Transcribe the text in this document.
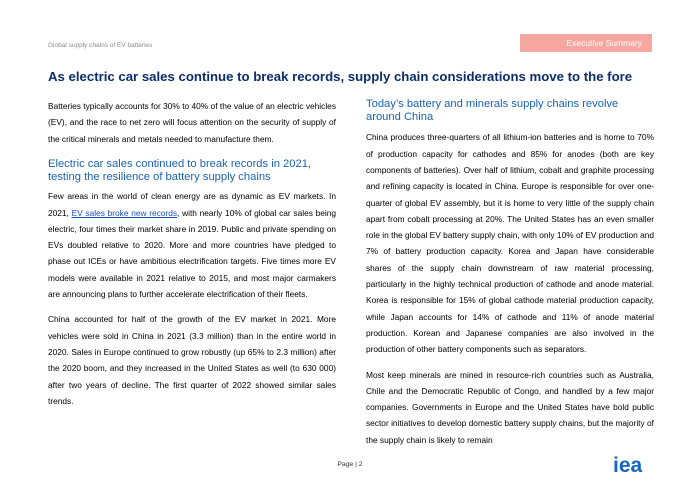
Global supply chains of EV batteries	Executive Summary
As electric car sales continue to break records, supply chain considerations move to the fore

Batteries typically accounts for 30% to 40% of the value of an electric vehicles (EV), and the race to net zero will focus attention on the security of supply of the critical minerals and metals needed to manufacture them.

Electric car sales continued to break records in 2021, testing the resilience of battery supply chains

Few areas in the world of clean energy are as dynamic as EV markets. In 2021, EV sales broke new records, with nearly 10% of global car sales being electric, four times their market share in 2019. Public and private spending on EVs doubled relative to 2020. More and more countries have pledged to phase out ICEs or have ambitious electrification targets. Five times more EV models were available in 2021 relative to 2015, and most major carmakers are announcing plans to further accelerate electrification of their fleets.

China accounted for half of the growth of the EV market in 2021. More vehicles were sold in China in 2021 (3.3 million) than in the entire world in 2020. Sales in Europe continued to grow robustly (up 65% to 2.3 million) after the 2020 boom, and they increased in the United States as well (to 630 000) after two years of decline. The first quarter of 2022 showed similar sales trends.

Today’s battery and minerals supply chains revolve around China

China produces three-quarters of all lithium-ion batteries and is home to 70% of production capacity for cathodes and 85% for anodes (both are key components of batteries). Over half of lithium, cobalt and graphite processing and refining capacity is located in China. Europe is responsible for over one-quarter of global EV assembly, but it is home to very little of the supply chain apart from cobalt processing at 20%. The United States has an even smaller role in the global EV battery supply chain, with only 10% of EV production and 7% of battery production capacity. Korea and Japan have considerable shares of the supply chain downstream of raw material processing, particularly in the highly technical production of cathode and anode material. Korea is responsible for 15% of global cathode material production capacity, while Japan accounts for 14% of cathode and 11% of anode material production. Korean and Japanese companies are also involved in the production of other battery components such as separators.

Most keep minerals are mined in resource-rich countries such as Australia, Chile and the Democratic Republic of Congo, and handled by a few major companies. Governments in Europe and the United States have bold public sector initiatives to develop domestic battery supply chains, but the majority of the supply chain is likely to remain

Page | 2	iea
